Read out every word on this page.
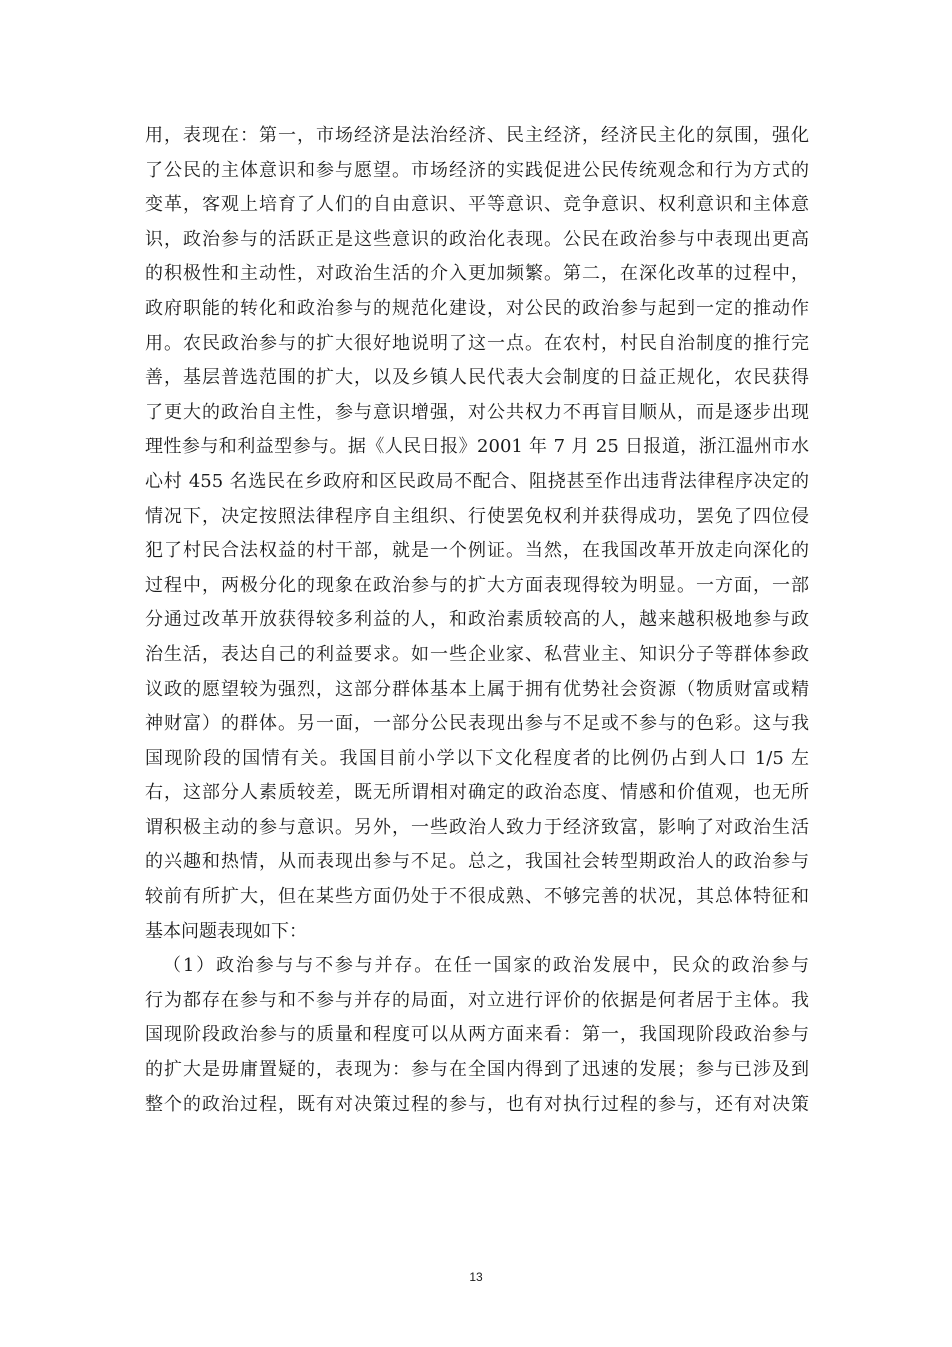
用，表现在：第一，市场经济是法治经济、民主经济，经济民主化的氛围，强化
了公民的主体意识和参与愿望。市场经济的实践促进公民传统观念和行为方式的
变革，客观上培育了人们的自由意识、平等意识、竞争意识、权利意识和主体意
识，政治参与的活跃正是这些意识的政治化表现。公民在政治参与中表现出更高
的积极性和主动性，对政治生活的介入更加频繁。第二，在深化改革的过程中，
政府职能的转化和政治参与的规范化建设，对公民的政治参与起到一定的推动作
用。农民政治参与的扩大很好地说明了这一点。在农村，村民自治制度的推行完
善，基层普选范围的扩大，以及乡镇人民代表大会制度的日益正规化，农民获得
了更大的政治自主性，参与意识增强，对公共权力不再盲目顺从，而是逐步出现
理性参与和利益型参与。据《人民日报》2001 年 7 月 25 日报道，浙江温州市水
心村 455 名选民在乡政府和区民政局不配合、阻挠甚至作出违背法律程序决定的
情况下，决定按照法律程序自主组织、行使罢免权利并获得成功，罢免了四位侵
犯了村民合法权益的村干部，就是一个例证。当然，在我国改革开放走向深化的
过程中，两极分化的现象在政治参与的扩大方面表现得较为明显。一方面，一部
分通过改革开放获得较多利益的人，和政治素质较高的人，越来越积极地参与政
治生活，表达自己的利益要求。如一些企业家、私营业主、知识分子等群体参政
议政的愿望较为强烈，这部分群体基本上属于拥有优势社会资源（物质财富或精
神财富）的群体。另一面，一部分公民表现出参与不足或不参与的色彩。这与我
国现阶段的国情有关。我国目前小学以下文化程度者的比例仍占到人口 1/5 左
右，这部分人素质较差，既无所谓相对确定的政治态度、情感和价值观，也无所
谓积极主动的参与意识。另外，一些政治人致力于经济致富，影响了对政治生活
的兴趣和热情，从而表现出参与不足。总之，我国社会转型期政治人的政治参与
较前有所扩大，但在某些方面仍处于不很成熟、不够完善的状况，其总体特征和
基本问题表现如下：
（1）政治参与与不参与并存。在任一国家的政治发展中，民众的政治参与
行为都存在参与和不参与并存的局面，对立进行评价的依据是何者居于主体。我
国现阶段政治参与的质量和程度可以从两方面来看：第一，我国现阶段政治参与
的扩大是毋庸置疑的，表现为：参与在全国内得到了迅速的发展；参与已涉及到
整个的政治过程，既有对决策过程的参与，也有对执行过程的参与，还有对决策
13
